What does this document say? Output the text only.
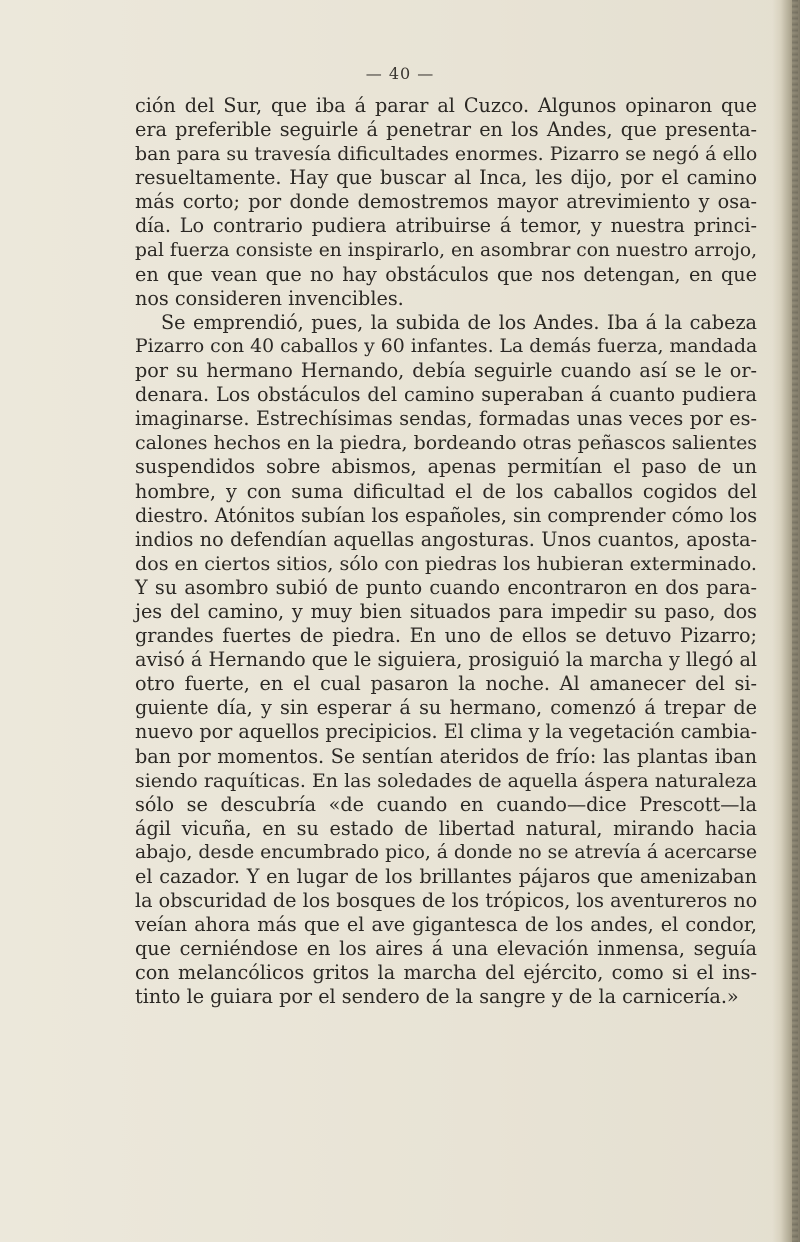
— 40 —
ción del Sur, que iba á parar al Cuzco. Algunos opinaron que
era preferible seguirle á penetrar en los Andes, que presenta-
ban para su travesía dificultades enormes. Pizarro se negó á ello
resueltamente. Hay que buscar al Inca, les dijo, por el camino
más corto; por donde demostremos mayor atrevimiento y osa-
día. Lo contrario pudiera atribuirse á temor, y nuestra princi-
pal fuerza consiste en inspirarlo, en asombrar con nuestro arrojo,
en que vean que no hay obstáculos que nos detengan, en que
nos consideren invencibles.
Se emprendió, pues, la subida de los Andes. Iba á la cabeza
Pizarro con 40 caballos y 60 infantes. La demás fuerza, mandada
por su hermano Hernando, debía seguirle cuando así se le or-
denara. Los obstáculos del camino superaban á cuanto pudiera
imaginarse. Estrechísimas sendas, formadas unas veces por es-
calones hechos en la piedra, bordeando otras peñascos salientes
suspendidos sobre abismos, apenas permitían el paso de un
hombre, y con suma dificultad el de los caballos cogidos del
diestro. Atónitos subían los españoles, sin comprender cómo los
indios no defendían aquellas angosturas. Unos cuantos, aposta-
dos en ciertos sitios, sólo con piedras los hubieran exterminado.
Y su asombro subió de punto cuando encontraron en dos para-
jes del camino, y muy bien situados para impedir su paso, dos
grandes fuertes de piedra. En uno de ellos se detuvo Pizarro;
avisó á Hernando que le siguiera, prosiguió la marcha y llegó al
otro fuerte, en el cual pasaron la noche. Al amanecer del si-
guiente día, y sin esperar á su hermano, comenzó á trepar de
nuevo por aquellos precipicios. El clima y la vegetación cambia-
ban por momentos. Se sentían ateridos de frío: las plantas iban
siendo raquíticas. En las soledades de aquella áspera naturaleza
sólo se descubría «de cuando en cuando—dice Prescott—la
ágil vicuña, en su estado de libertad natural, mirando hacia
abajo, desde encumbrado pico, á donde no se atrevía á acercarse
el cazador. Y en lugar de los brillantes pájaros que amenizaban
la obscuridad de los bosques de los trópicos, los aventureros no
veían ahora más que el ave gigantesca de los andes, el condor,
que cerniéndose en los aires á una elevación inmensa, seguía
con melancólicos gritos la marcha del ejército, como si el ins-
tinto le guiara por el sendero de la sangre y de la carnicería.»
